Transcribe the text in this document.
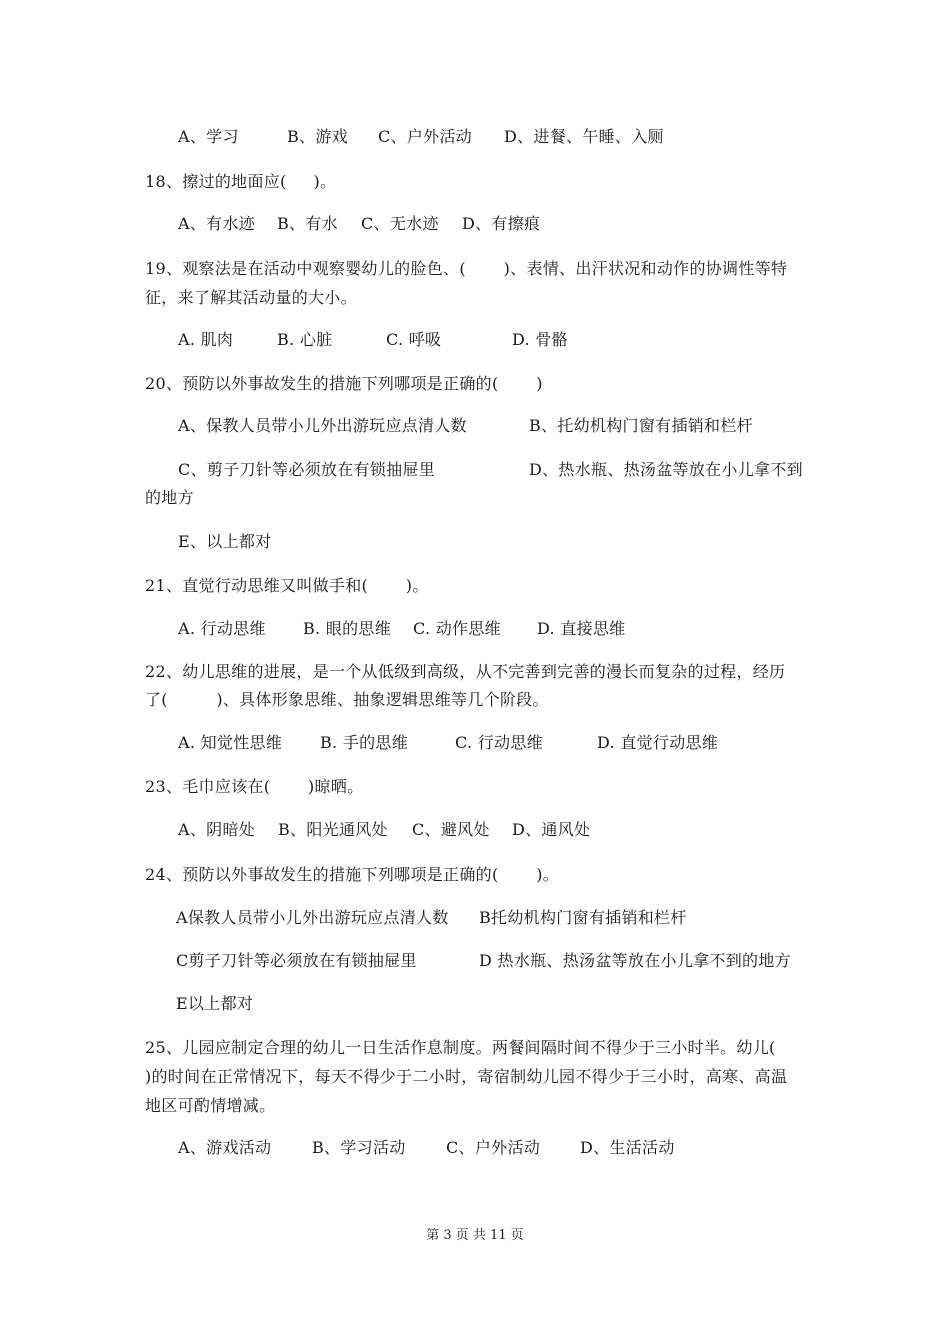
A、学习	B、游戏 C、户外活动 D、进餐、午睡、入厕

18、擦过的地面应(     )。

A、有水迹 B、有水 C、无水迹 D、有擦痕

19、观察法是在活动中观察婴幼儿的脸色、(       )、表情、出汗状况和动作的协调性等特

征，来了解其活动量的大小。

A. 肌肉	B. 心脏	C. 呼吸	D. 骨骼

20、预防以外事故发生的措施下列哪项是正确的(       )

A、保教人员带小儿外出游玩应点清人数	B、托幼机构门窗有插销和栏杆
C、剪子刀针等必须放在有锁抽屉里	D、热水瓶、热汤盆等放在小儿拿不到

的地方

E、以上都对

21、直觉行动思维又叫做手和(       )。

A. 行动思维 B. 眼的思维 C. 动作思维 D. 直接思维

22、幼儿思维的进展，是一个从低级到高级，从不完善到完善的漫长而复杂的过程，经历

了(         )、具体形象思维、抽象逻辑思维等几个阶段。

A. 知觉性思维 B. 手的思维	C. 行动思维	D. 直觉行动思维

23、毛巾应该在(       )晾晒。

A、阴暗处 B、阳光通风处 C、避风处 D、通风处

24、预防以外事故发生的措施下列哪项是正确的(       )。

A保教人员带小儿外出游玩应点清人数 B托幼机构门窗有插销和栏杆
C剪子刀针等必须放在有锁抽屉里	D 热水瓶、热汤盆等放在小儿拿不到的地方

E以上都对

25、儿园应制定合理的幼儿一日生活作息制度。两餐间隔时间不得少于三小时半。幼儿(

)的时间在正常情况下，每天不得少于二小时，寄宿制幼儿园不得少于三小时，高寒、高温

地区可酌情增减。

A、游戏活动	B、学习活动	C、户外活动 D、生活活动
第 3 页 共 11 页
